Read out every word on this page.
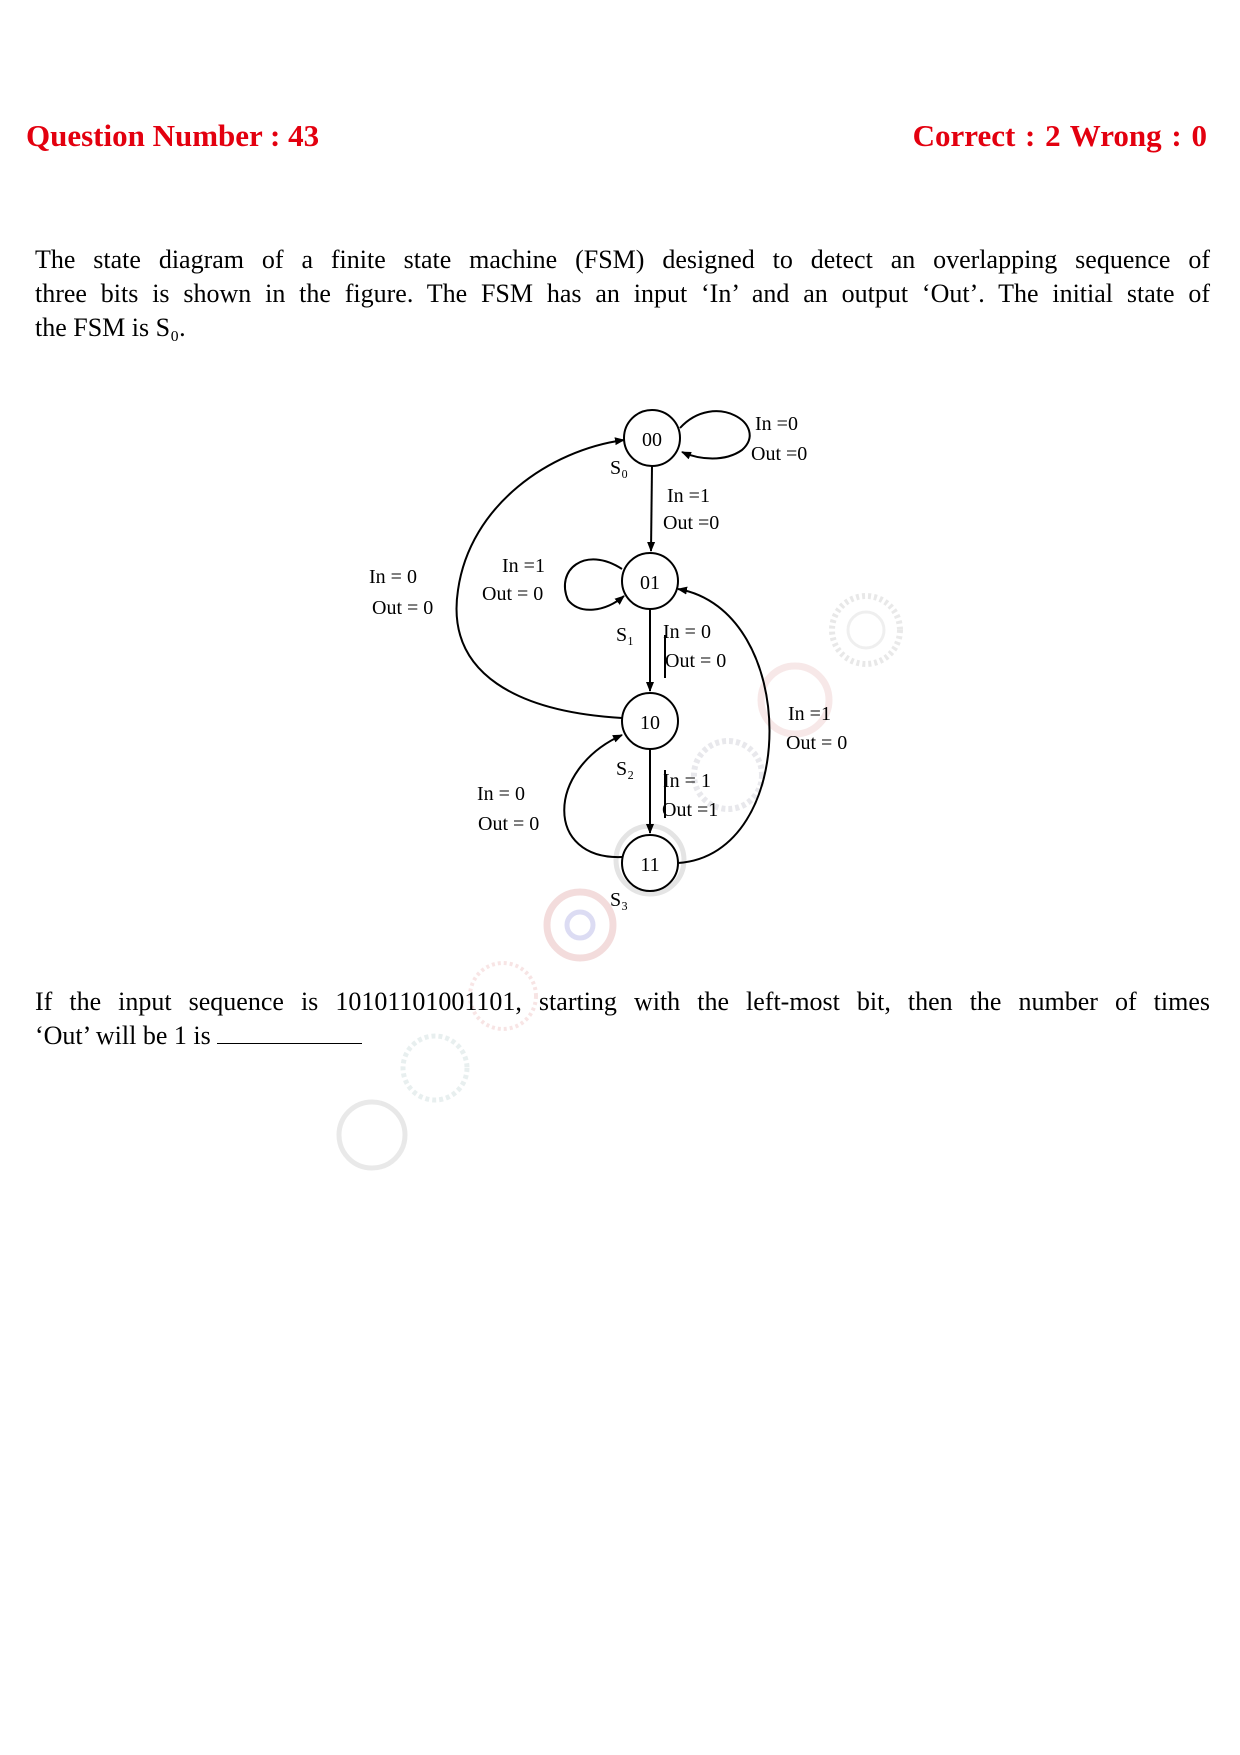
Question Number : 43	Correct : 2 Wrong : 0
The state diagram of a finite state machine (FSM) designed to detect an overlapping sequence of
three bits is shown in the figure. The FSM has an input ‘In’ and an output ‘Out’. The initial state of
the FSM is S₀.
00
01
10
11
S₀
S₁
S₂
S₃
In =0
Out =0
In =1
Out =0
In =1
Out = 0
In = 0
Out = 0
In = 0
Out = 0
In = 1
Out =1
In = 0
Out = 0
In =1
Out = 0
If the input sequence is 10101101001101, starting with the left-most bit, then the number of times
‘Out’ will be 1 is
